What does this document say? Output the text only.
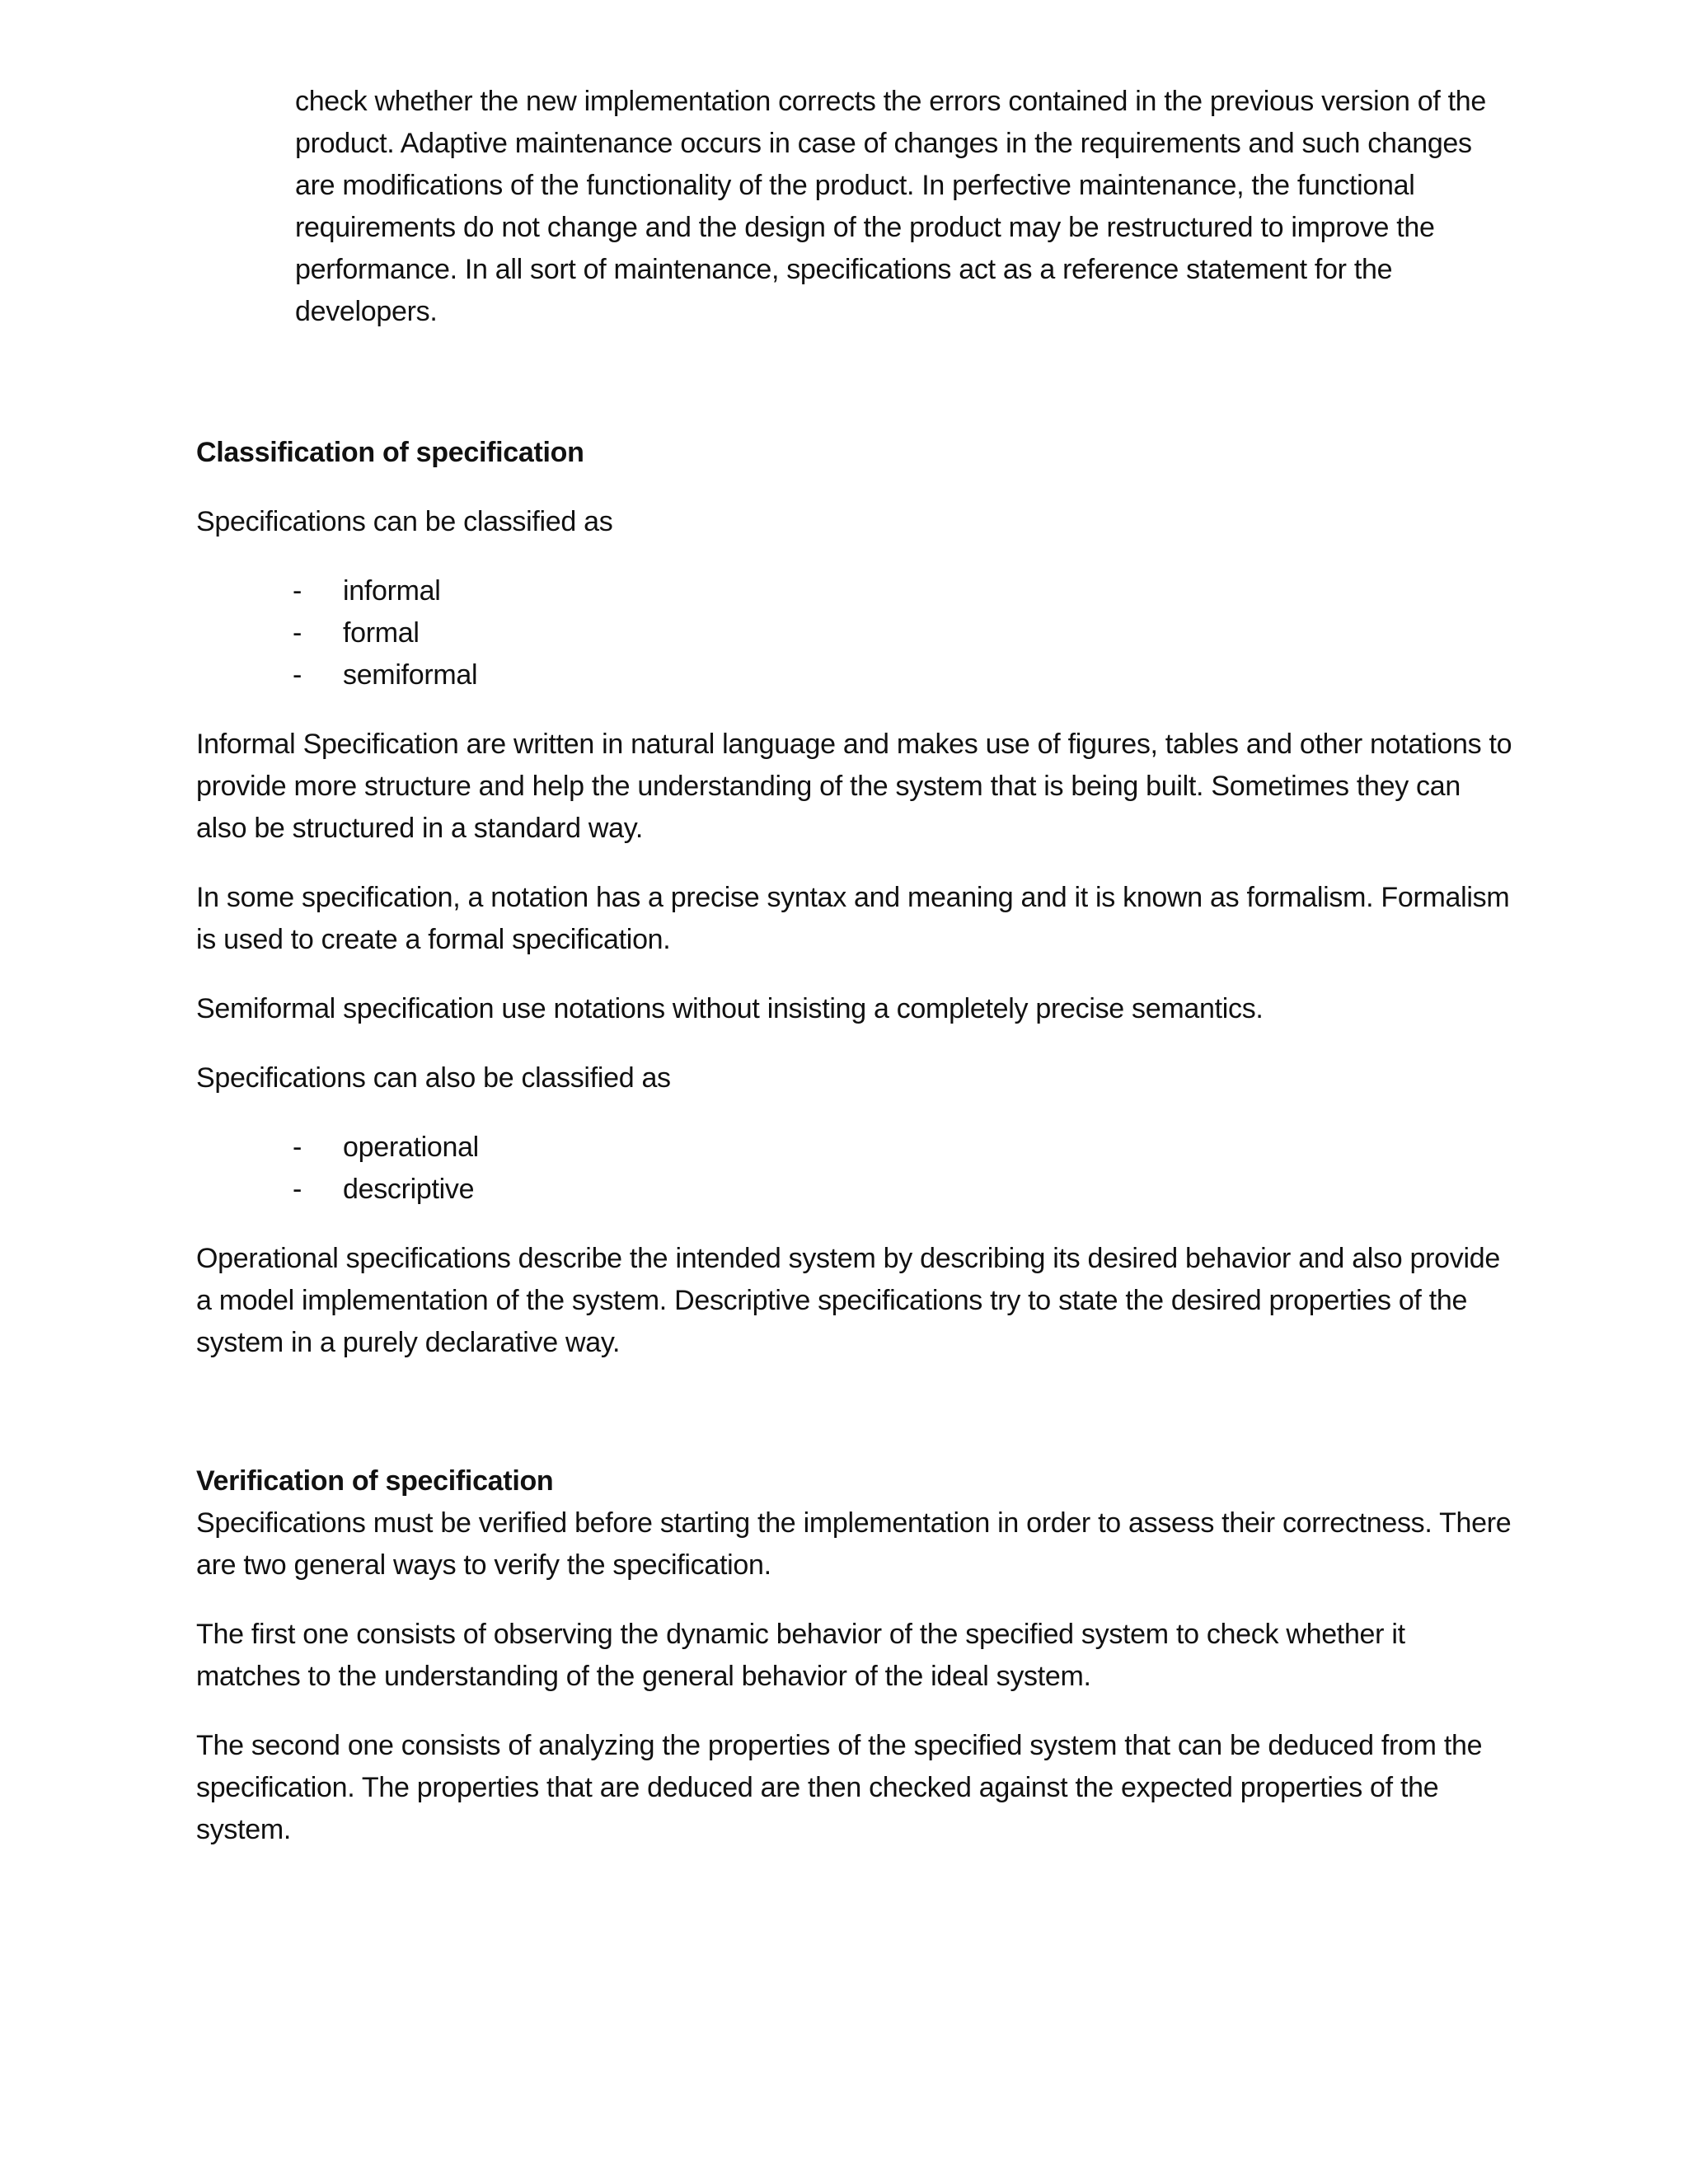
check whether the new implementation corrects the errors contained in the previous version of the product. Adaptive maintenance occurs in case of changes in the requirements and such changes are modifications of the functionality of the product. In perfective maintenance, the functional requirements do not change and the design of the product may be restructured to improve the performance. In all sort of maintenance, specifications act as a reference statement for the developers.

Classification of specification

Specifications can be classified as

- informal
- formal
- semiformal

Informal Specification are written in natural language and makes use of figures, tables and other notations to provide more structure and help the understanding of the system that is being built. Sometimes they can also be structured in a standard way.

In some specification, a notation has a precise syntax and meaning and it is known as formalism. Formalism is used to create a formal specification.

Semiformal specification use notations without insisting a completely precise semantics.

Specifications can also be classified as

- operational
- descriptive

Operational specifications describe the intended system by describing its desired behavior and also provide a model implementation of the system. Descriptive specifications try to state the desired properties of the system in a purely declarative way.

Verification of specification

Specifications must be verified before starting the implementation in order to assess their correctness. There are two general ways to verify the specification.

The first one consists of observing the dynamic behavior of the specified system to check whether it matches to the understanding of the general behavior of the ideal system.

The second one consists of analyzing the properties of the specified system that can be deduced from the specification. The properties that are deduced are then checked against the expected properties of the system.
